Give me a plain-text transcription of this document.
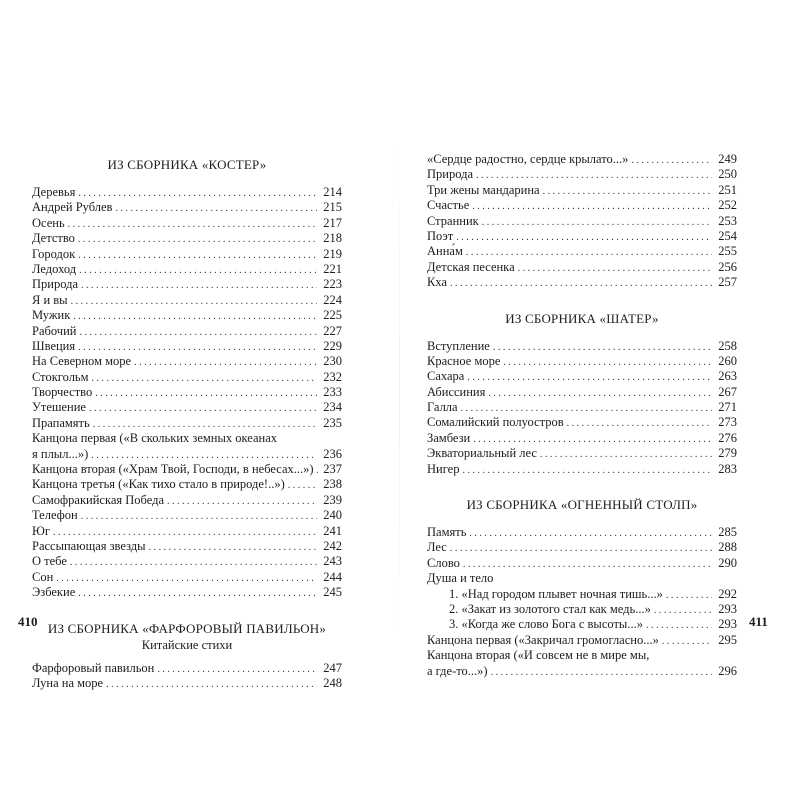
ИЗ СБОРНИКА «КОСТЕР»
Деревья . . .	214
Андрей Рублев . . .	215
Осень . . .	217
Детство . . .	218
Городок . . .	219
Ледоход . . .	221
Природа . . .	223
Я и вы . . .	224
Мужик . . .	225
Рабочий . . .	227
Швеция . . .	229
На Северном море . . .	230
Стокгольм . . .	232
Творчество . . .	233
Утешение . . .	234
Прапамять . . .	235
Канцона первая («В скольких земных океанах
я плыл...») . . .	236
Канцона вторая («Храм Твой, Господи, в небесах...») . . . 237
Канцона третья («Как тихо стало в природе!..») . . .	238
Самофракийская Победа . . .	239
Телефон . . .	240
Юг . . .	241
Рассыпающая звезды . . .	242
О тебе . . .	243
Сон . . .	244
Эзбекие . . .	245
ИЗ СБОРНИКА «ФАРФОРОВЫЙ ПАВИЛЬОН»
Китайские стихи
Фарфоровый павильон . . .	247
Луна на море . . .	248
410
«Сердце радостно, сердце крылато...» . . .	249
Природа . . .	250
Три жены мандарина . . .	251
Счастье . . .	252
Странник . . .	253
Поэт . . .	254
Анна́м . . .	255
Детская песенка . . .	256
Кха . . .	257
ИЗ СБОРНИКА «ШАТЕР»
Вступление . . .	258
Красное море . . .	260
Сахара . . .	263
Абиссиния . . .	267
Галла . . .	271
Сомалийский полуостров . . .	273
Замбези . . .	276
Экваториальный лес . . .	279
Нигер . . .	283
ИЗ СБОРНИКА «ОГНЕННЫЙ СТОЛП»
Память . . .	285
Лес . . .	288
Слово . . .	290
Душа и тело
1. «Над городом плывет ночная тишь...» . . .	292
2. «Закат из золотого стал как медь...» . . .	293
3. «Когда же слово Бога с высоты...» . . .	293
Канцона первая («Закричал громогласно...» . . .	295
Канцона вторая («И совсем не в мире мы,
а где-то...») . . .	296
411
